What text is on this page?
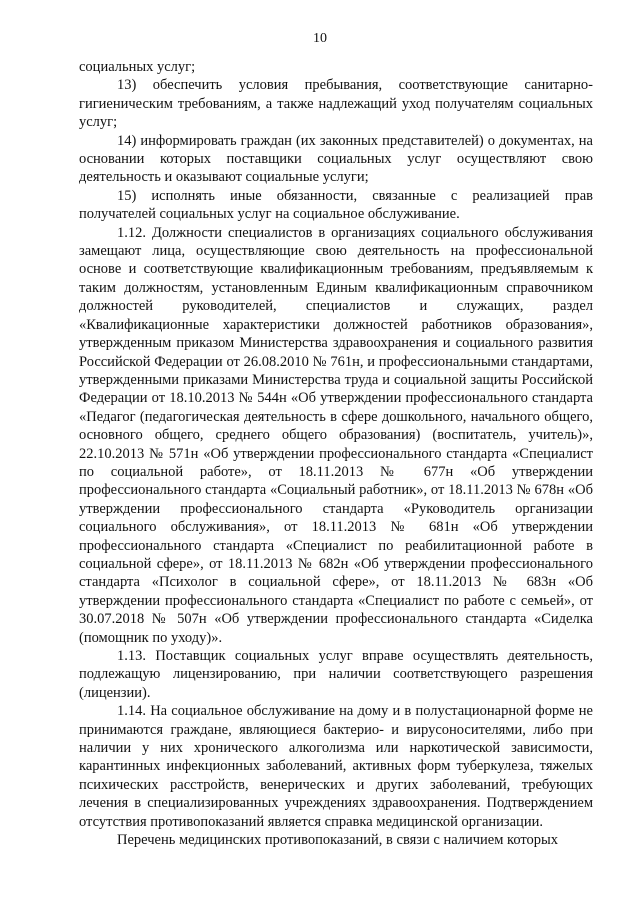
10

социальных услуг;

13) обеспечить условия пребывания, соответствующие санитарно-гигиеническим требованиям, а также надлежащий уход получателям социальных услуг;

14) информировать граждан (их законных представителей) о документах, на основании которых поставщики социальных услуг осуществляют свою деятельность и оказывают социальные услуги;

15) исполнять иные обязанности, связанные с реализацией прав получателей социальных услуг на социальное обслуживание.

1.12. Должности специалистов в организациях социального обслуживания замещают лица, осуществляющие свою деятельность на профессиональной основе и соответствующие квалификационным требованиям, предъявляемым к таким должностям, установленным Единым квалификационным справочником должностей руководителей, специалистов и служащих, раздел «Квалификационные характеристики должностей работников образования», утвержденным приказом Министерства здравоохранения и социального развития Российской Федерации от 26.08.2010 № 761н, и профессиональными стандартами, утвержденными приказами Министерства труда и социальной защиты Российской Федерации от 18.10.2013 № 544н «Об утверждении профессионального стандарта «Педагог (педагогическая деятельность в сфере дошкольного, начального общего, основного общего, среднего общего образования) (воспитатель, учитель)», 22.10.2013 № 571н «Об утверждении профессионального стандарта «Специалист по социальной работе», от 18.11.2013 № 677н «Об утверждении профессионального стандарта «Социальный работник», от 18.11.2013 № 678н «Об утверждении профессионального стандарта «Руководитель организации социального обслуживания», от 18.11.2013 № 681н «Об утверждении профессионального стандарта «Специалист по реабилитационной работе в социальной сфере», от 18.11.2013 № 682н «Об утверждении профессионального стандарта «Психолог в социальной сфере», от 18.11.2013 № 683н «Об утверждении профессионального стандарта «Специалист по работе с семьей», от 30.07.2018 № 507н «Об утверждении профессионального стандарта «Сиделка (помощник по уходу)».

1.13. Поставщик социальных услуг вправе осуществлять деятельность, подлежащую лицензированию, при наличии соответствующего разрешения (лицензии).

1.14. На социальное обслуживание на дому и в полустационарной форме не принимаются граждане, являющиеся бактерио- и вирусоносителями, либо при наличии у них хронического алкоголизма или наркотической зависимости, карантинных инфекционных заболеваний, активных форм туберкулеза, тяжелых психических расстройств, венерических и других заболеваний, требующих лечения в специализированных учреждениях здравоохранения. Подтверждением отсутствия противопоказаний является справка медицинской организации.

Перечень медицинских противопоказаний, в связи с наличием которых
